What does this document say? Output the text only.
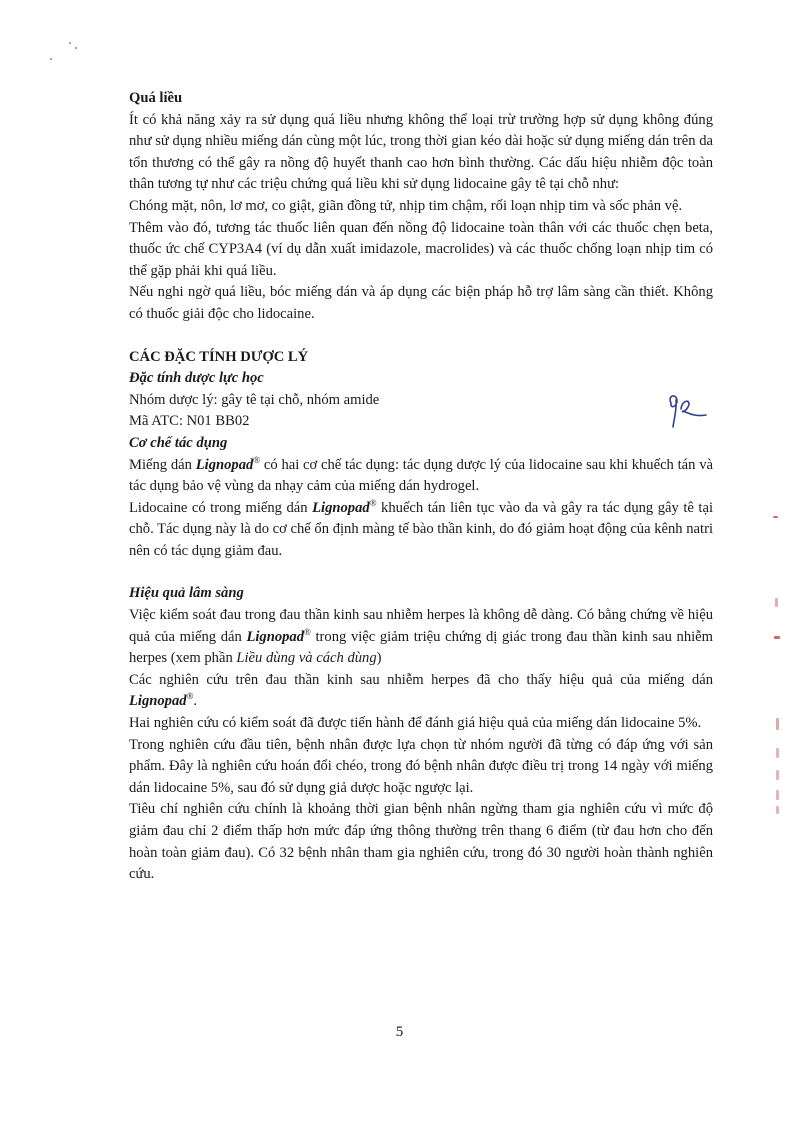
Quá liều

Ít có khả năng xảy ra sử dụng quá liều nhưng không thể loại trừ trường hợp sử dụng không đúng như sử dụng nhiều miếng dán cùng một lúc, trong thời gian kéo dài hoặc sử dụng miếng dán trên da tổn thương có thể gây ra nồng độ huyết thanh cao hơn bình thường. Các dấu hiệu nhiễm độc toàn thân tương tự như các triệu chứng quá liều khi sử dụng lidocaine gây tê tại chỗ như:

Chóng mặt, nôn, lơ mơ, co giật, giãn đồng tử, nhịp tim chậm, rối loạn nhịp tim và sốc phản vệ.

Thêm vào đó, tương tác thuốc liên quan đến nồng độ lidocaine toàn thân với các thuốc chẹn beta, thuốc ức chế CYP3A4 (ví dụ dẫn xuất imidazole, macrolides) và các thuốc chống loạn nhịp tim có thể gặp phải khi quá liều.

Nếu nghi ngờ quá liều, bóc miếng dán và áp dụng các biện pháp hỗ trợ lâm sàng cần thiết. Không có thuốc giải độc cho lidocaine.

CÁC ĐẶC TÍNH DƯỢC LÝ

Đặc tính dược lực học

Nhóm dược lý: gây tê tại chỗ, nhóm amide

Mã ATC: N01 BB02

Cơ chế tác dụng

Miếng dán Lignopad® có hai cơ chế tác dụng: tác dụng dược lý của lidocaine sau khi khuếch tán và tác dụng bảo vệ vùng da nhạy cảm của miếng dán hydrogel.

Lidocaine có trong miếng dán Lignopad® khuếch tán liên tục vào da và gây ra tác dụng gây tê tại chỗ. Tác dụng này là do cơ chế ổn định màng tế bào thần kinh, do đó giảm hoạt động của kênh natri nên có tác dụng giảm đau.

Hiệu quả lâm sàng

Việc kiểm soát đau trong đau thần kinh sau nhiễm herpes là không dễ dàng. Có bằng chứng về hiệu quả của miếng dán Lignopad® trong việc giảm triệu chứng dị giác trong đau thần kinh sau nhiễm herpes (xem phần Liều dùng và cách dùng)

Các nghiên cứu trên đau thần kinh sau nhiễm herpes đã cho thấy hiệu quả của miếng dán Lignopad®.

Hai nghiên cứu có kiểm soát đã được tiến hành để đánh giá hiệu quả của miếng dán lidocaine 5%.

Trong nghiên cứu đầu tiên, bệnh nhân được lựa chọn từ nhóm người đã từng có đáp ứng với sản phẩm. Đây là nghiên cứu hoán đổi chéo, trong đó bệnh nhân được điều trị trong 14 ngày với miếng dán lidocaine 5%, sau đó sử dụng giả dược hoặc ngược lại.

Tiêu chí nghiên cứu chính là khoảng thời gian bệnh nhân ngừng tham gia nghiên cứu vì mức độ giảm đau chỉ 2 điểm thấp hơn mức đáp ứng thông thường trên thang 6 điểm (từ đau hơn cho đến hoàn toàn giảm đau). Có 32 bệnh nhân tham gia nghiên cứu, trong đó 30 người hoàn thành nghiên cứu.

5
